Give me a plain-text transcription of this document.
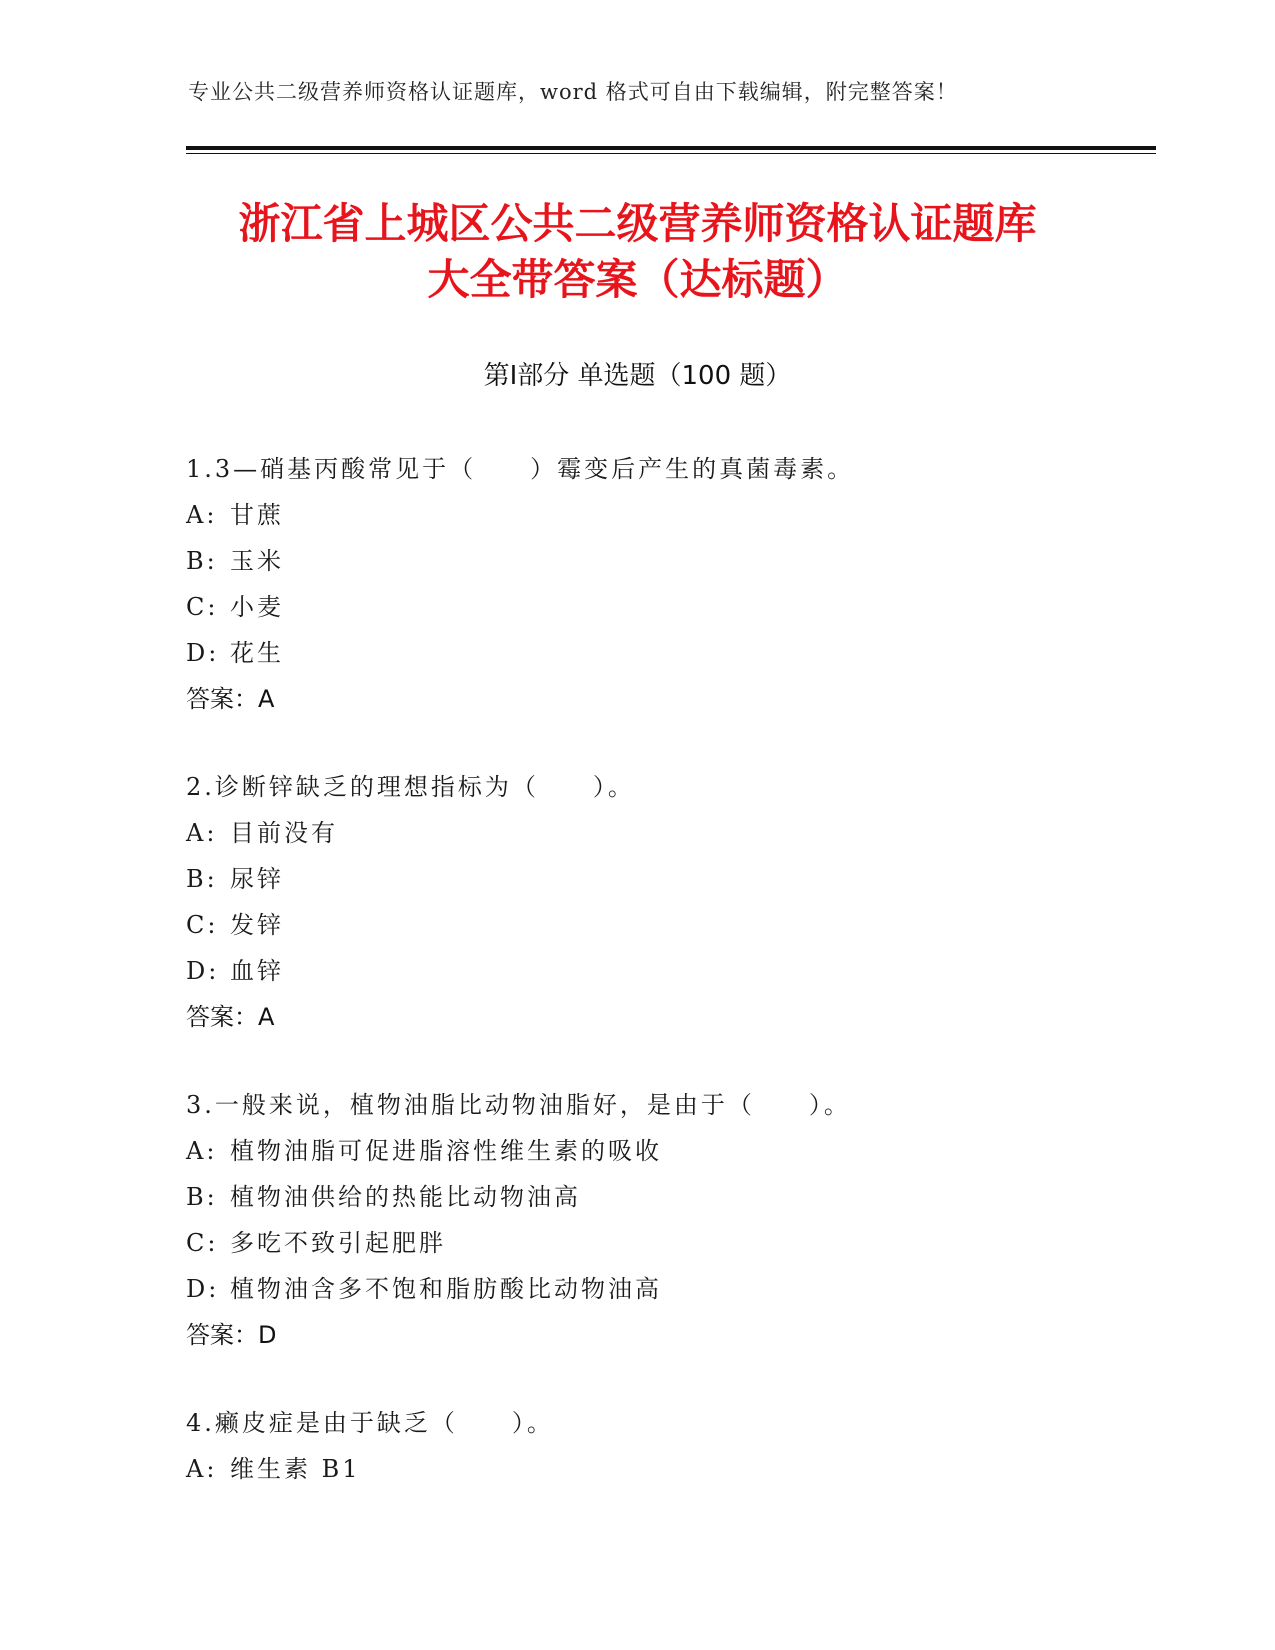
专业公共二级营养师资格认证题库，word 格式可自由下载编辑，附完整答案！
浙江省上城区公共二级营养师资格认证题库
大全带答案（达标题）
第Ⅰ部分 单选题（100 题）
1.3—硝基丙酸常见于（　　）霉变后产生的真菌毒素。
A: 甘蔗
B: 玉米
C: 小麦
D: 花生
答案：A
2.诊断锌缺乏的理想指标为（　　）。
A: 目前没有
B: 尿锌
C: 发锌
D: 血锌
答案：A
3.一般来说，植物油脂比动物油脂好，是由于（　　）。
A: 植物油脂可促进脂溶性维生素的吸收
B: 植物油供给的热能比动物油高
C: 多吃不致引起肥胖
D: 植物油含多不饱和脂肪酸比动物油高
答案：D
4.癞皮症是由于缺乏（　　）。
A: 维生素 B1
